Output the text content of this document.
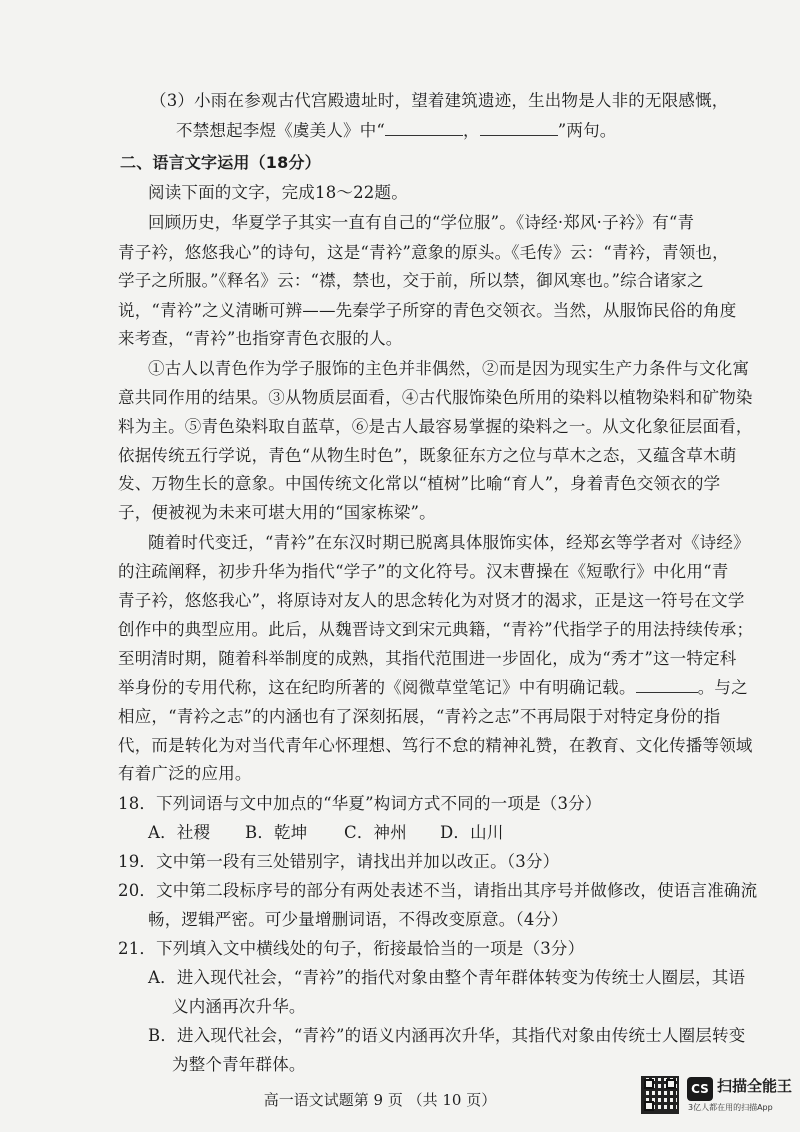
（3）小雨在参观古代宫殿遗址时，望着建筑遗迹，生出物是人非的无限感慨，
不禁想起李煜《虞美人》中“	，	”两句。
二、语言文字运用（18分）
阅读下面的文字，完成18～22题。
回顾历史，华夏学子其实一直有自己的“学位服”。《诗经·郑风·子衿》有“青
青子衿，悠悠我心”的诗句，这是“青衿”意象的原头。《毛传》云：“青衿，青领也，
学子之所服。”《释名》云：“襟，禁也，交于前，所以禁，御风寒也。”综合诸家之
说，“青衿”之义清晰可辨——先秦学子所穿的青色交领衣。当然，从服饰民俗的角度
来考查，“青衿”也指穿青色衣服的人。
①古人以青色作为学子服饰的主色并非偶然，②而是因为现实生产力条件与文化寓
意共同作用的结果。③从物质层面看，④古代服饰染色所用的染料以植物染料和矿物染
料为主。⑤青色染料取自蓝草，⑥是古人最容易掌握的染料之一。从文化象征层面看，
依据传统五行学说，青色“从物生时色”，既象征东方之位与草木之态，又蕴含草木萌
发、万物生长的意象。中国传统文化常以“植树”比喻“育人”，身着青色交领衣的学
子，便被视为未来可堪大用的“国家栋梁”。
随着时代变迁，“青衿”在东汉时期已脱离具体服饰实体，经郑玄等学者对《诗经》
的注疏阐释，初步升华为指代“学子”的文化符号。汉末曹操在《短歌行》中化用“青
青子衿，悠悠我心”，将原诗对友人的思念转化为对贤才的渴求，正是这一符号在文学
创作中的典型应用。此后，从魏晋诗文到宋元典籍，“青衿”代指学子的用法持续传承；
至明清时期，随着科举制度的成熟，其指代范围进一步固化，成为“秀才”这一特定科
举身份的专用代称，这在纪昀所著的《阅微草堂笔记》中有明确记载。	。与之
相应，“青衿之志”的内涵也有了深刻拓展，“青衿之志”不再局限于对特定身份的指
代，而是转化为对当代青年心怀理想、笃行不怠的精神礼赞，在教育、文化传播等领域
有着广泛的应用。
18．下列词语与文中加点的“华夏”构词方式不同的一项是（3分）
A．社稷 B．乾坤 C．神州 D．山川
19．文中第一段有三处错别字，请找出并加以改正。（3分）
20．文中第二段标序号的部分有两处表述不当，请指出其序号并做修改，使语言准确流
畅，逻辑严密。可少量增删词语，不得改变原意。（4分）
21．下列填入文中横线处的句子，衔接最恰当的一项是（3分）
A．进入现代社会，“青衿”的指代对象由整个青年群体转变为传统士人圈层，其语
义内涵再次升华。
B．进入现代社会，“青衿”的语义内涵再次升华，其指代对象由传统士人圈层转变
为整个青年群体。
高一语文试题第 9 页 （共 10 页）
CS 扫描全能王
3亿人都在用的扫描App
